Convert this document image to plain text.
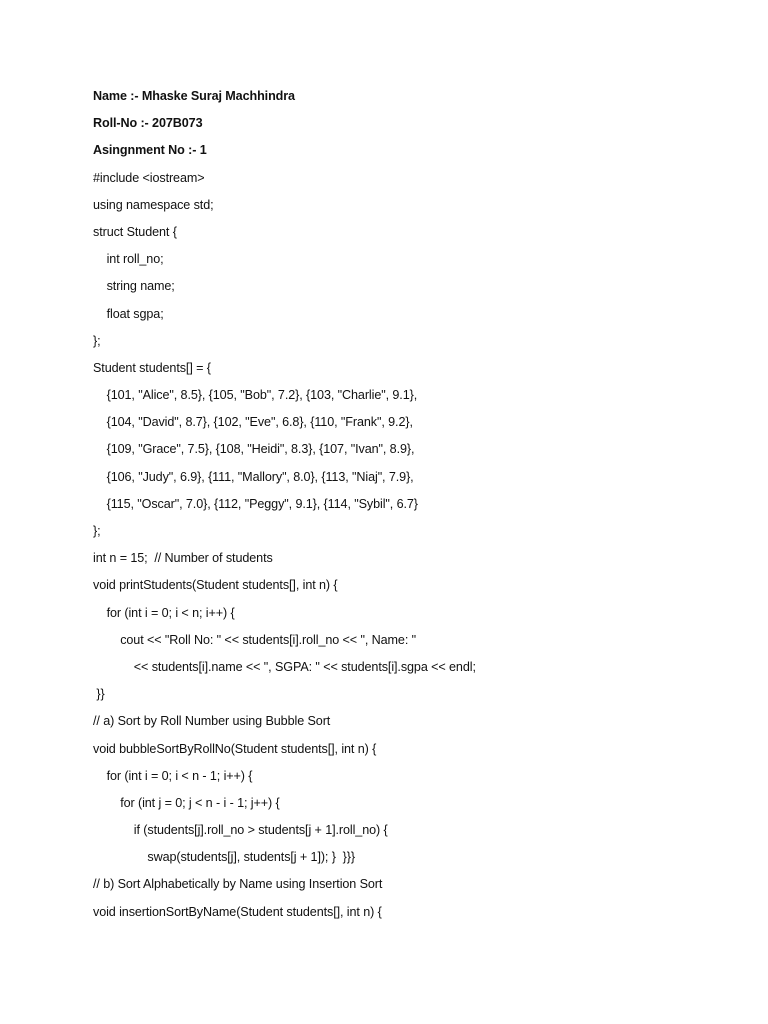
Name :- Mhaske Suraj Machhindra
Roll-No :- 207B073
Asingnment No :- 1
#include <iostream>
using namespace std;
struct Student {
int roll_no;
string name;
float sgpa;
};
Student students[] = {
{101, "Alice", 8.5}, {105, "Bob", 7.2}, {103, "Charlie", 9.1},
{104, "David", 8.7}, {102, "Eve", 6.8}, {110, "Frank", 9.2},
{109, "Grace", 7.5}, {108, "Heidi", 8.3}, {107, "Ivan", 8.9},
{106, "Judy", 6.9}, {111, "Mallory", 8.0}, {113, "Niaj", 7.9},
{115, "Oscar", 7.0}, {112, "Peggy", 9.1}, {114, "Sybil", 6.7}
};
int n = 15;  // Number of students
void printStudents(Student students[], int n) {
for (int i = 0; i < n; i++) {
cout << "Roll No: " << students[i].roll_no << ", Name: "
<< students[i].name << ", SGPA: " << students[i].sgpa << endl;
}}
// a) Sort by Roll Number using Bubble Sort
void bubbleSortByRollNo(Student students[], int n) {
for (int i = 0; i < n - 1; i++) {
for (int j = 0; j < n - i - 1; j++) {
if (students[j].roll_no > students[j + 1].roll_no) {
swap(students[j], students[j + 1]); }  }}}
// b) Sort Alphabetically by Name using Insertion Sort
void insertionSortByName(Student students[], int n) {
